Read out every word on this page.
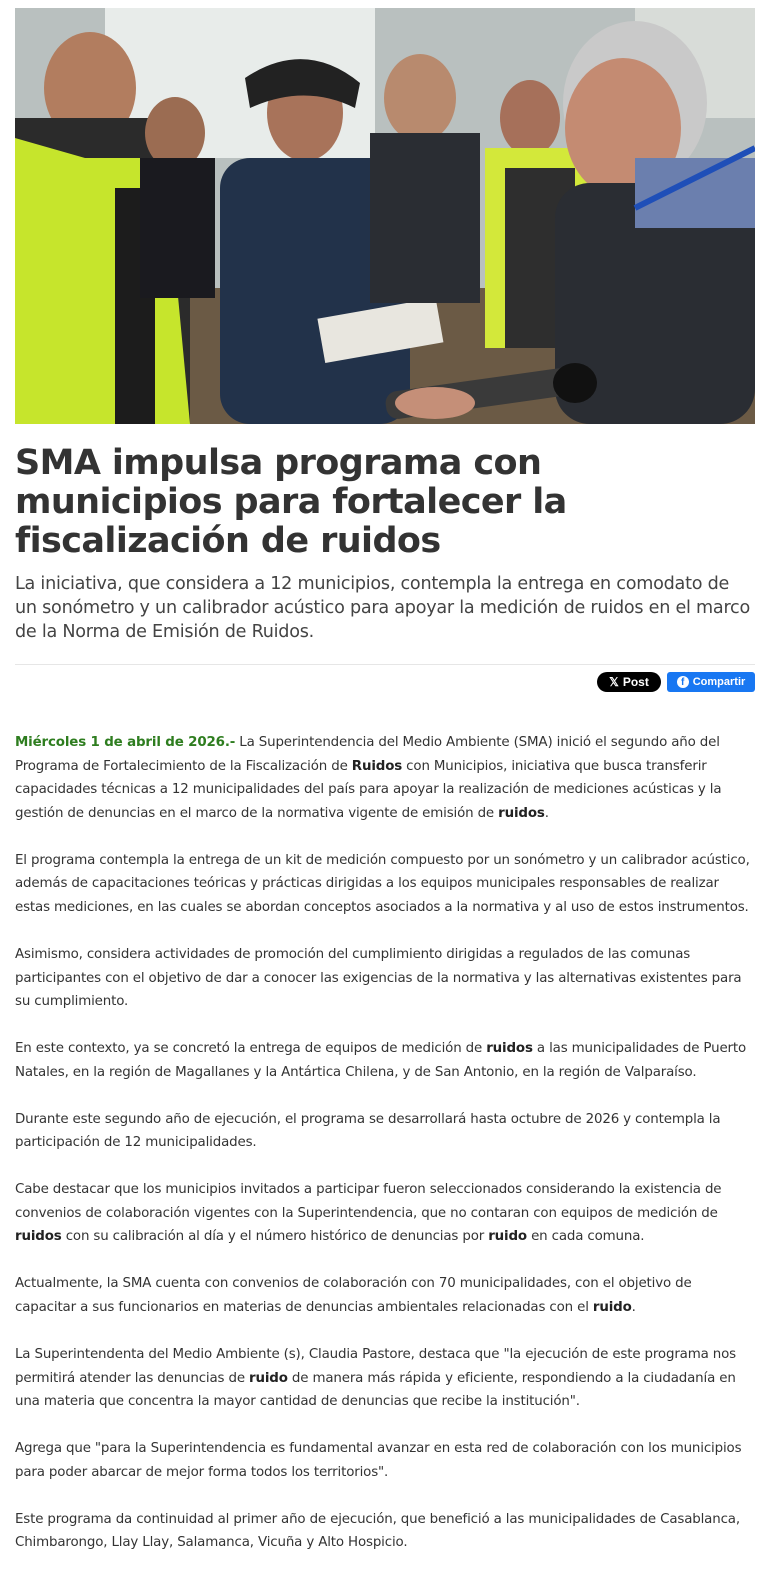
SMA impulsa programa con municipios para fortalecer la fiscalización de ruidos

La iniciativa, que considera a 12 municipios, contempla la entrega en comodato de un sonómetro y un calibrador acústico para apoyar la medición de ruidos en el marco de la Norma de Emisión de Ruidos.

𝕏 Post	f Compartir

Miércoles 1 de abril de 2026.- La Superintendencia del Medio Ambiente (SMA) inició el segundo año del Programa de Fortalecimiento de la Fiscalización de Ruidos con Municipios, iniciativa que busca transferir capacidades técnicas a 12 municipalidades del país para apoyar la realización de mediciones acústicas y la gestión de denuncias en el marco de la normativa vigente de emisión de ruidos.

El programa contempla la entrega de un kit de medición compuesto por un sonómetro y un calibrador acústico, además de capacitaciones teóricas y prácticas dirigidas a los equipos municipales responsables de realizar estas mediciones, en las cuales se abordan conceptos asociados a la normativa y al uso de estos instrumentos.

Asimismo, considera actividades de promoción del cumplimiento dirigidas a regulados de las comunas participantes con el objetivo de dar a conocer las exigencias de la normativa y las alternativas existentes para su cumplimiento.

En este contexto, ya se concretó la entrega de equipos de medición de ruidos a las municipalidades de Puerto Natales, en la región de Magallanes y la Antártica Chilena, y de San Antonio, en la región de Valparaíso.

Durante este segundo año de ejecución, el programa se desarrollará hasta octubre de 2026 y contempla la participación de 12 municipalidades.

Cabe destacar que los municipios invitados a participar fueron seleccionados considerando la existencia de convenios de colaboración vigentes con la Superintendencia, que no contaran con equipos de medición de ruidos con su calibración al día y el número histórico de denuncias por ruido en cada comuna.

Actualmente, la SMA cuenta con convenios de colaboración con 70 municipalidades, con el objetivo de capacitar a sus funcionarios en materias de denuncias ambientales relacionadas con el ruido.

La Superintendenta del Medio Ambiente (s), Claudia Pastore, destaca que "la ejecución de este programa nos permitirá atender las denuncias de ruido de manera más rápida y eficiente, respondiendo a la ciudadanía en una materia que concentra la mayor cantidad de denuncias que recibe la institución".

Agrega que "para la Superintendencia es fundamental avanzar en esta red de colaboración con los municipios para poder abarcar de mejor forma todos los territorios".

Este programa da continuidad al primer año de ejecución, que benefició a las municipalidades de Casablanca, Chimbarongo, Llay Llay, Salamanca, Vicuña y Alto Hospicio.
